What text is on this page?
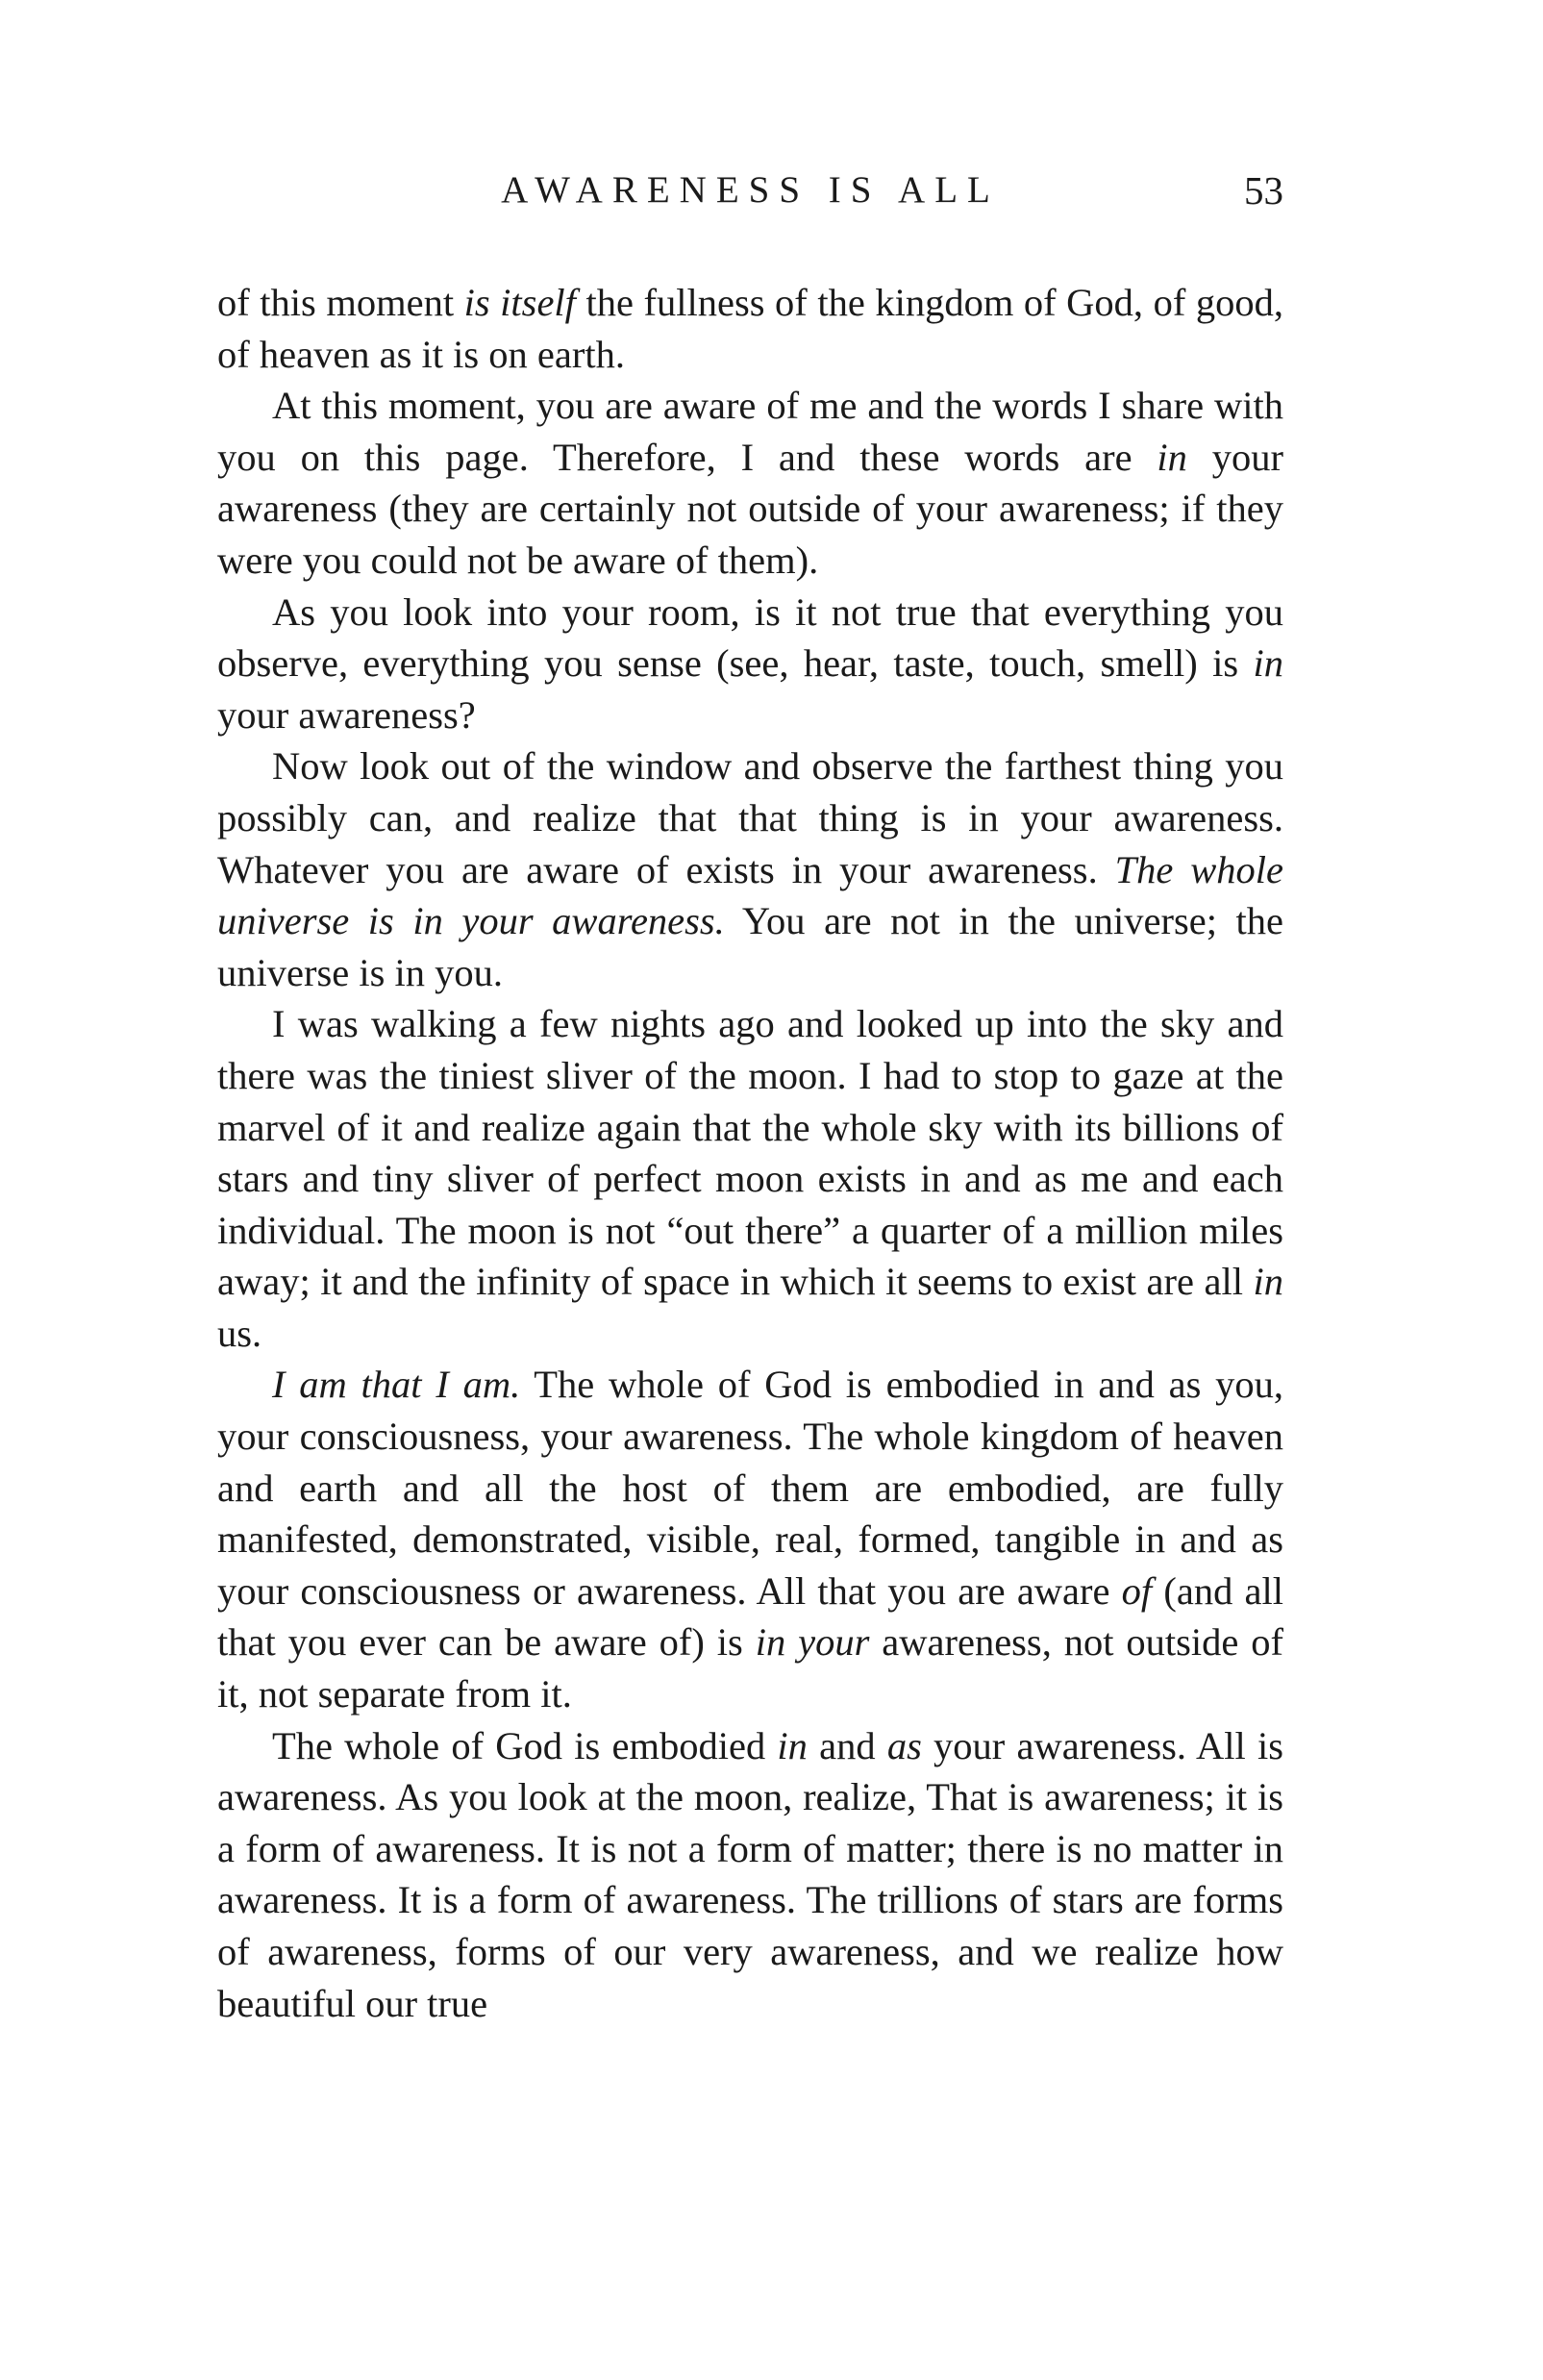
AWARENESS IS ALL	53

of this moment is itself the fullness of the kingdom of God, of good, of heaven as it is on earth.

At this moment, you are aware of me and the words I share with you on this page. Therefore, I and these words are in your awareness (they are certainly not outside of your awareness; if they were you could not be aware of them).

As you look into your room, is it not true that everything you observe, everything you sense (see, hear, taste, touch, smell) is in your awareness?

Now look out of the window and observe the farthest thing you possibly can, and realize that that thing is in your awareness. Whatever you are aware of exists in your awareness. The whole universe is in your awareness. You are not in the universe; the universe is in you.

I was walking a few nights ago and looked up into the sky and there was the tiniest sliver of the moon. I had to stop to gaze at the marvel of it and realize again that the whole sky with its billions of stars and tiny sliver of perfect moon exists in and as me and each individual. The moon is not “out there” a quarter of a million miles away; it and the infinity of space in which it seems to exist are all in us.

I am that I am. The whole of God is embodied in and as you, your consciousness, your awareness. The whole kingdom of heaven and earth and all the host of them are embodied, are fully manifested, demonstrated, visible, real, formed, tangible in and as your consciousness or awareness. All that you are aware of (and all that you ever can be aware of) is in your awareness, not outside of it, not separate from it.

The whole of God is embodied in and as your awareness. All is awareness. As you look at the moon, realize, That is awareness; it is a form of awareness. It is not a form of matter; there is no matter in awareness. It is a form of awareness. The trillions of stars are forms of awareness, forms of our very awareness, and we realize how beautiful our true
